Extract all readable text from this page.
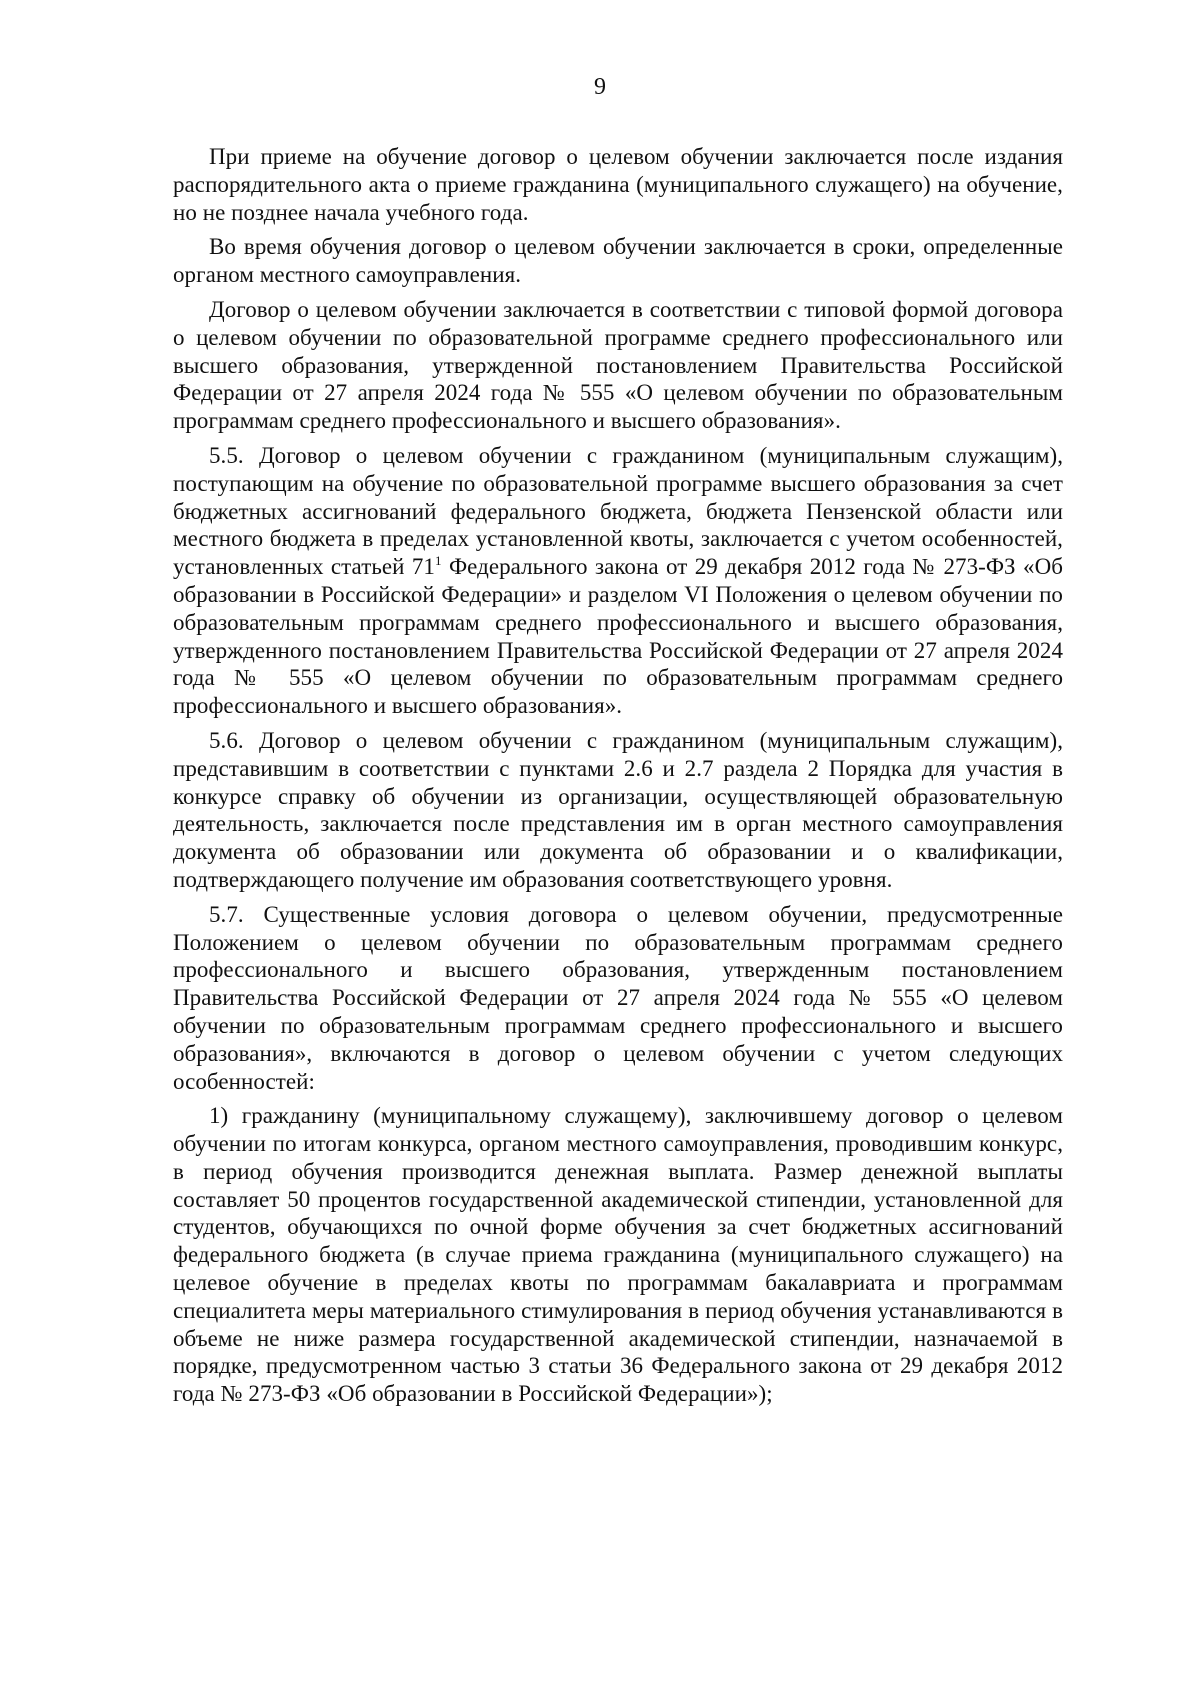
9

При приеме на обучение договор о целевом обучении заключается после издания распорядительного акта о приеме гражданина (муниципального служащего) на обучение, но не позднее начала учебного года.

Во время обучения договор о целевом обучении заключается в сроки, определенные органом местного самоуправления.

Договор о целевом обучении заключается в соответствии с типовой формой договора о целевом обучении по образовательной программе среднего профессионального или высшего образования, утвержденной постановлением Правительства Российской Федерации от 27 апреля 2024 года № 555 «О целевом обучении по образовательным программам среднего профессионального и высшего образования».

5.5. Договор о целевом обучении с гражданином (муниципальным служащим), поступающим на обучение по образовательной программе высшего образования за счет бюджетных ассигнований федерального бюджета, бюджета Пензенской области или местного бюджета в пределах установленной квоты, заключается с учетом особенностей, установленных статьей $71^1$ Федерального закона от 29 декабря 2012 года № 273-ФЗ «Об образовании в Российской Федерации» и разделом VI Положения о целевом обучении по образовательным программам среднего профессионального и высшего образования, утвержденного постановлением Правительства Российской Федерации от 27 апреля 2024 года № 555 «О целевом обучении по образовательным программам среднего профессионального и высшего образования».

5.6. Договор о целевом обучении с гражданином (муниципальным служащим), представившим в соответствии с пунктами 2.6 и 2.7 раздела 2 Порядка для участия в конкурсе справку об обучении из организации, осуществляющей образовательную деятельность, заключается после представления им в орган местного самоуправления документа об образовании или документа об образовании и о квалификации, подтверждающего получение им образования соответствующего уровня.

5.7. Существенные условия договора о целевом обучении, предусмотренные Положением о целевом обучении по образовательным программам среднего профессионального и высшего образования, утвержденным постановлением Правительства Российской Федерации от 27 апреля 2024 года № 555 «О целевом обучении по образовательным программам среднего профессионального и высшего образования», включаются в договор о целевом обучении с учетом следующих особенностей:

1) гражданину (муниципальному служащему), заключившему договор о целевом обучении по итогам конкурса, органом местного самоуправления, проводившим конкурс, в период обучения производится денежная выплата. Размер денежной выплаты составляет 50 процентов государственной академической стипендии, установленной для студентов, обучающихся по очной форме обучения за счет бюджетных ассигнований федерального бюджета (в случае приема гражданина (муниципального служащего) на целевое обучение в пределах квоты по программам бакалавриата и программам специалитета меры материального стимулирования в период обучения устанавливаются в объеме не ниже размера государственной академической стипендии, назначаемой в порядке, предусмотренном частью 3 статьи 36 Федерального закона от 29 декабря 2012 года № 273-ФЗ «Об образовании в Российской Федерации»);
